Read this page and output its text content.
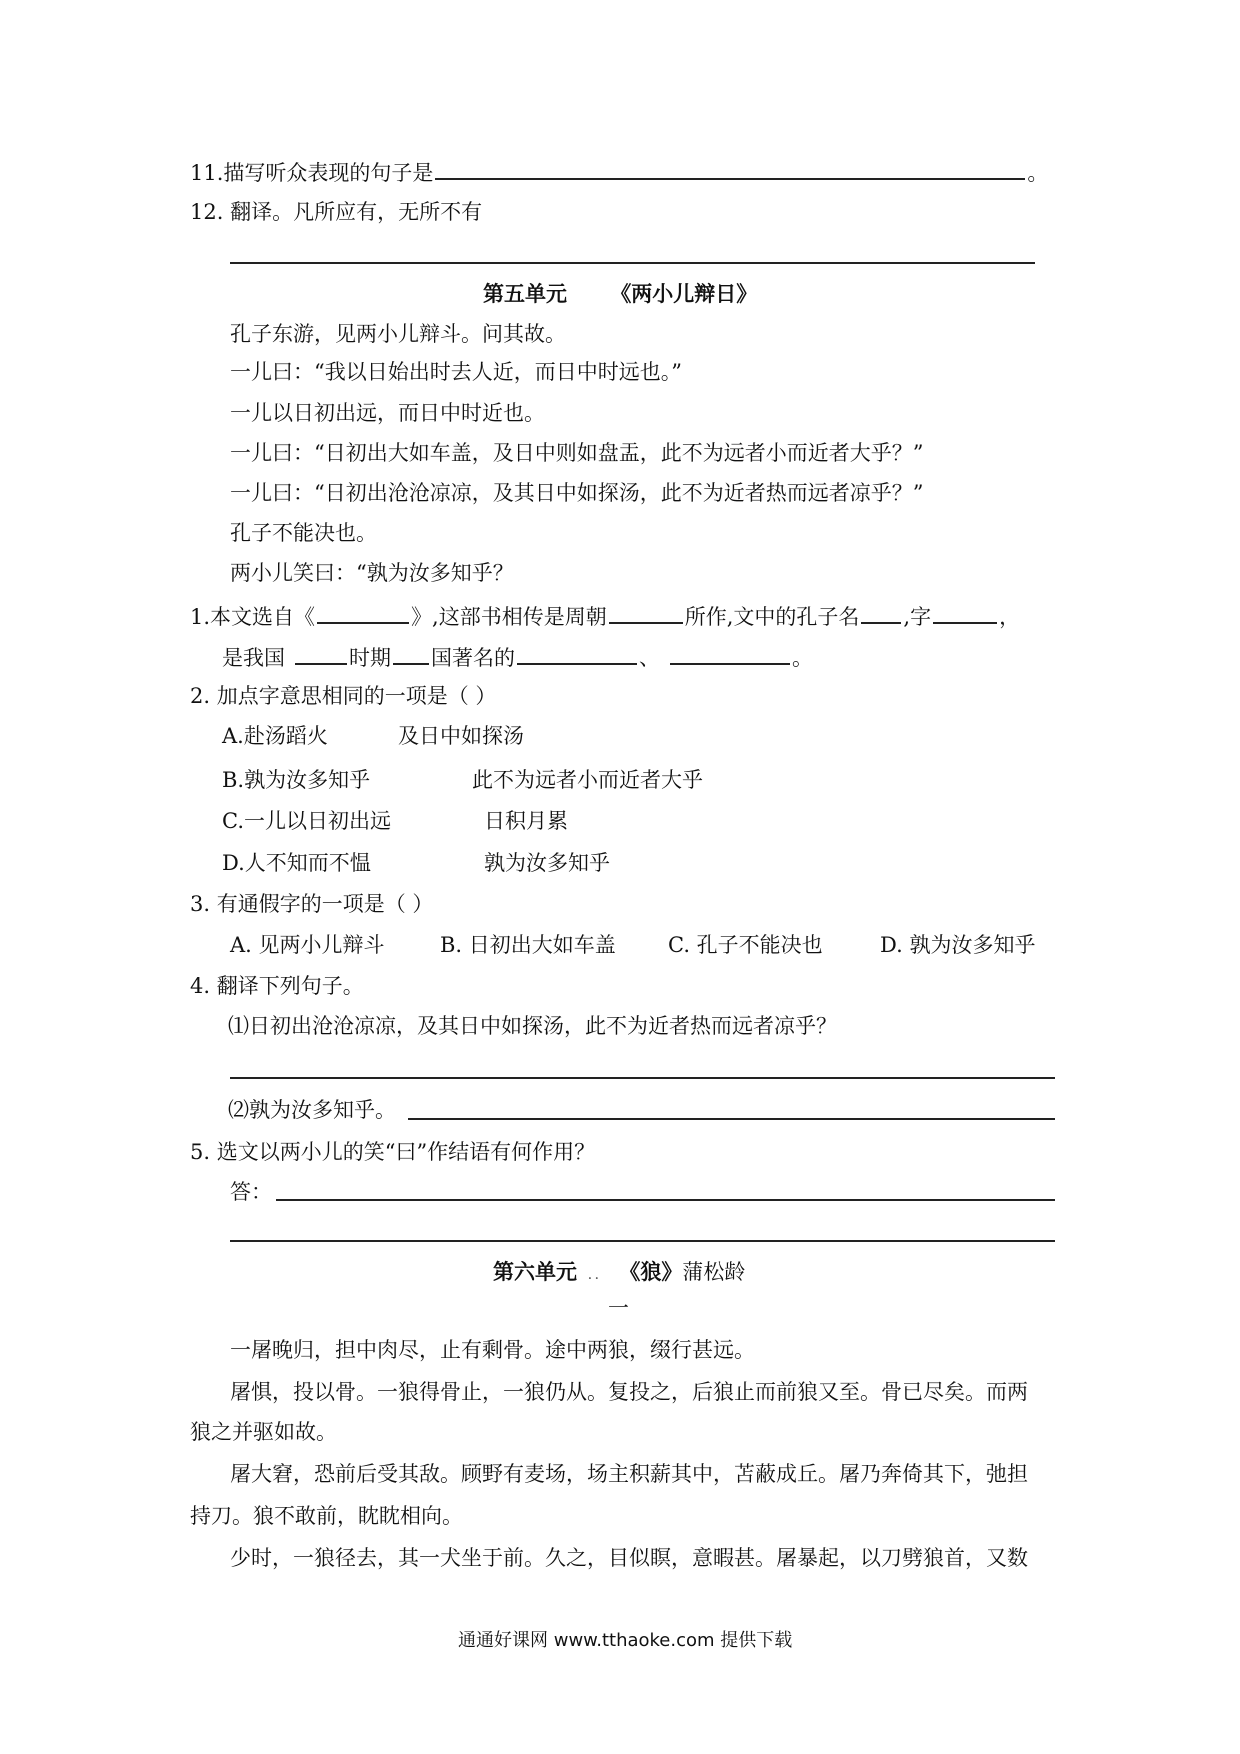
11.描写听众表现的句子是	。
12. 翻译。凡所应有，无所不有
第五单元 《两小儿辩日》
孔子东游，见两小儿辩斗。问其故。
一儿曰：“我以日始出时去人近，而日中时远也。”
一儿以日初出远，而日中时近也。
一儿曰：“日初出大如车盖，及日中则如盘盂，此不为远者小而近者大乎？”
一儿曰：“日初出沧沧凉凉，及其日中如探汤，此不为近者热而远者凉乎？”
孔子不能决也。
两小儿笑曰：“孰为汝多知乎？
1.本文选自《	》,这部书相传是周朝	所作,文中的孔子名 ,字	，
是我国	时期 国著名的	、	。
2. 加点字意思相同的一项是（ ）
A.赴汤蹈火	及日中如探汤
B.孰为汝多知乎	此不为远者小而近者大乎
C.一儿以日初出远	日积月累
D.人不知而不愠	孰为汝多知乎
3. 有通假字的一项是（ ）
A. 见两小儿辩斗	B. 日初出大如车盖 C. 孔子不能决也	D. 孰为汝多知乎
4. 翻译下列句子。
⑴日初出沧沧凉凉，及其日中如探汤，此不为近者热而远者凉乎？
⑵孰为汝多知乎。
5. 选文以两小儿的笑“曰”作结语有何作用？
答：
第六单元 ．． 《狼》蒲松龄
一
一屠晚归，担中肉尽，止有剩骨。途中两狼，缀行甚远。
屠惧，投以骨。一狼得骨止，一狼仍从。复投之，后狼止而前狼又至。骨已尽矣。而两
狼之并驱如故。
屠大窘，恐前后受其敌。顾野有麦场，场主积薪其中，苫蔽成丘。屠乃奔倚其下，弛担
持刀。狼不敢前，眈眈相向。
少时，一狼径去，其一犬坐于前。久之，目似瞑，意暇甚。屠暴起，以刀劈狼首，又数
通通好课网 www.tthaoke.com 提供下载
